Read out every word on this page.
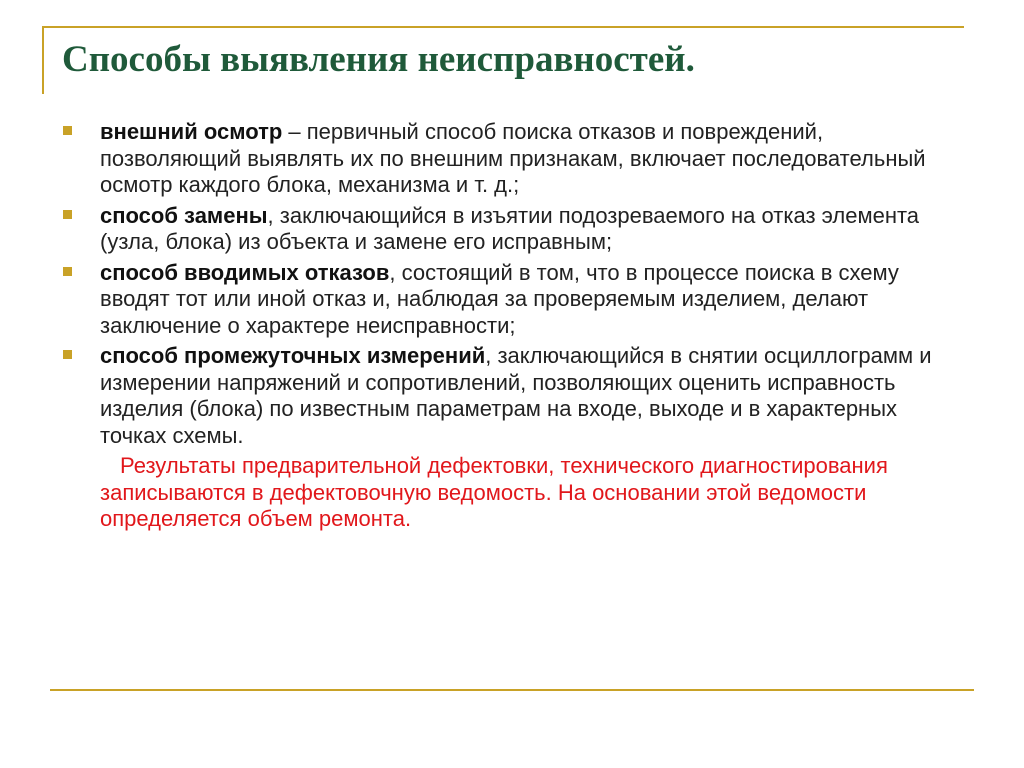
Способы выявления неисправностей.
внешний осмотр – первичный способ поиска отказов и повреждений, позволяющий выявлять их по внешним признакам, включает последовательный осмотр каждого блока, механизма и т. д.;
способ замены, заключающийся в изъятии подозреваемого на отказ элемента (узла, блока) из объекта и замене его исправным;
способ вводимых отказов, состоящий в том, что в процессе поиска в схему вводят тот или иной отказ и, наблюдая за проверяемым изделием, делают заключение о характере неисправности;
способ промежуточных измерений, заключающийся в снятии осциллограмм и измерении напряжений и сопротивлений, позволяющих оценить исправность изделия (блока) по известным параметрам на входе, выходе и в характерных точках схемы.

Результаты предварительной дефектовки, технического диагностирования записываются в дефектовочную ведомость. На основании этой ведомости определяется объем ремонта.
